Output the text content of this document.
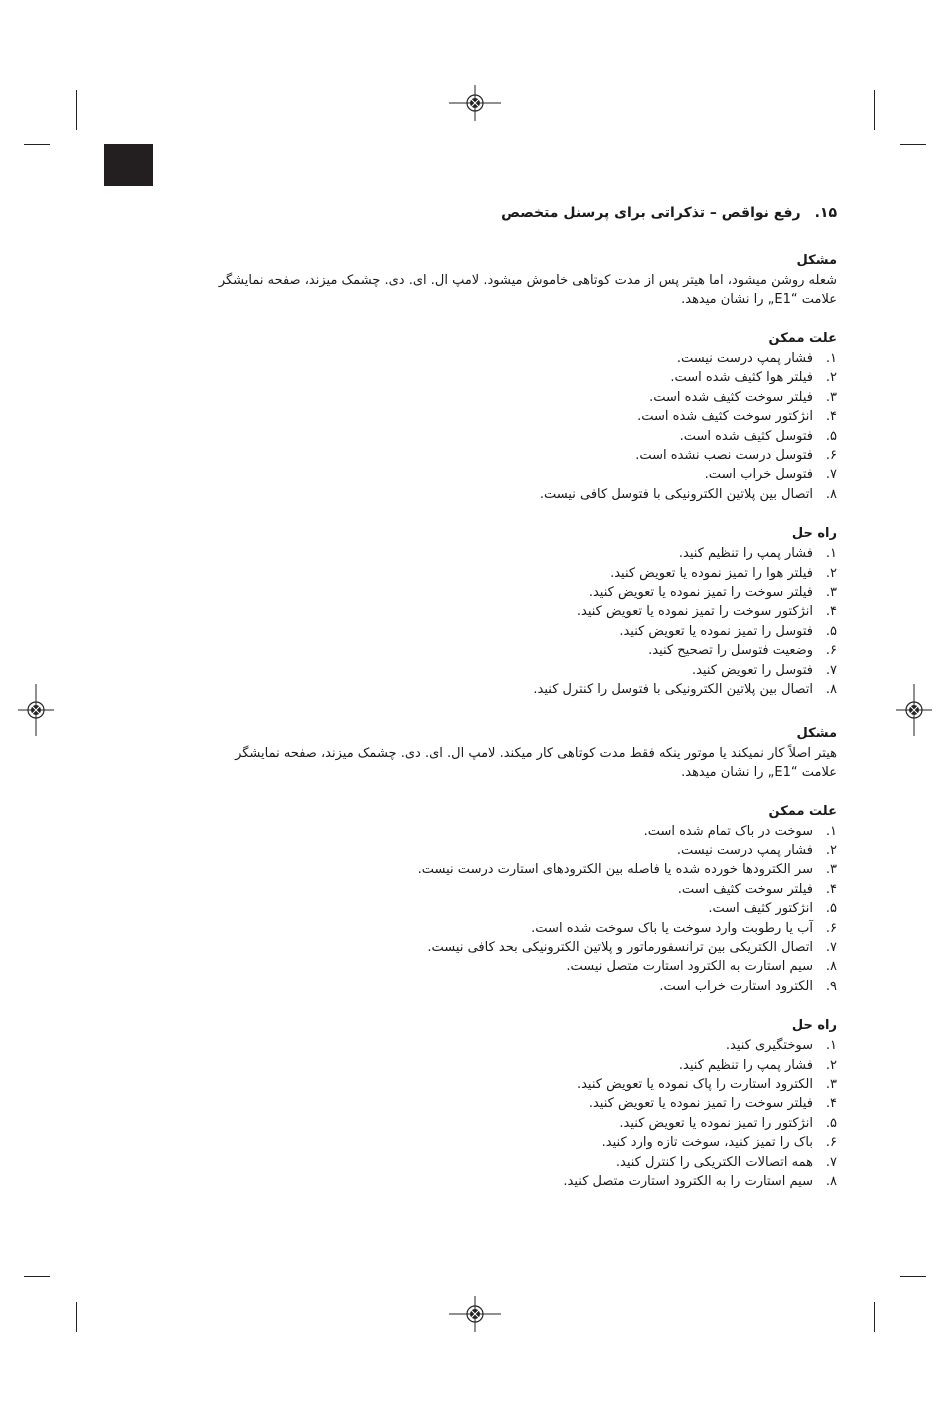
۱۵.رفع نواقص – تذکراتی برای پرسنل متخصص
مشکل

شعله روشن میشود، اما هیتر پس از مدت کوتاهی خاموش میشود. لامپ ال. ای. دی. چشمک میزند، صفحه نمایشگر

علامت “E1„ را نشان میدهد.

علت ممکن
۱.
فشار پمپ درست نیست.
۲.
فیلتر هوا کثیف شده است.
۳.
فیلتر سوخت کثیف شده است.
۴.
انژکتور سوخت کثیف شده است.
۵.
فتوسل کثیف شده است.
۶.
فتوسل درست نصب نشده است.
۷.
فتوسل خراب است.
۸.
اتصال بین پلاتین الکترونیکی با فتوسل کافی نیست.
راه حل
۱.
فشار پمپ را تنظیم کنید.
۲.
فیلتر هوا را تمیز نموده یا تعویض کنید.
۳.
فیلتر سوخت را تمیز نموده یا تعویض کنید.
۴.
انژکتور سوخت را تمیز نموده یا تعویض کنید.
۵.
فتوسل را تمیز نموده یا تعویض کنید.
۶.
وضعیت فتوسل را تصحیح کنید.
۷.
فتوسل را تعویض کنید.
۸.
اتصال بین پلاتین الکترونیکی با فتوسل را کنترل کنید.
مشکل

هیتر اصلاً کار نمیکند یا موتور ینکه فقط مدت کوتاهی کار میکند. لامپ ال. ای. دی. چشمک میزند، صفحه نمایشگر

علامت “E1„ را نشان میدهد.

علت ممکن
۱.
سوخت در باک تمام شده است.
۲.
فشار پمپ درست نیست.
۳.
سر الکترودها خورده شده یا فاصله بین الکترودهای استارت درست نیست.
۴.
فیلتر سوخت کثیف است.
۵.
انژکتور کثیف است.
۶.
آب یا رطوبت وارد سوخت یا باک سوخت شده است.
۷.
اتصال الکتریکی بین ترانسفورماتور و پلاتین الکترونیکی بحد کافی نیست.
۸.
سیم استارت به الکترود استارت متصل نیست.
۹.
الکترود استارت خراب است.
راه حل
۱.
سوختگیری کنید.
۲.
فشار پمپ را تنظیم کنید.
۳.
الکترود استارت را پاک نموده یا تعویض کنید.
۴.
فیلتر سوخت را تمیز نموده یا تعویض کنید.
۵.
انژکتور را تمیز نموده یا تعویض کنید.
۶.
باک را تمیز کنید، سوخت تازه وارد کنید.
۷.
همه اتصالات الکتریکی را کنترل کنید.
۸.
سیم استارت را به الکترود استارت متصل کنید.
